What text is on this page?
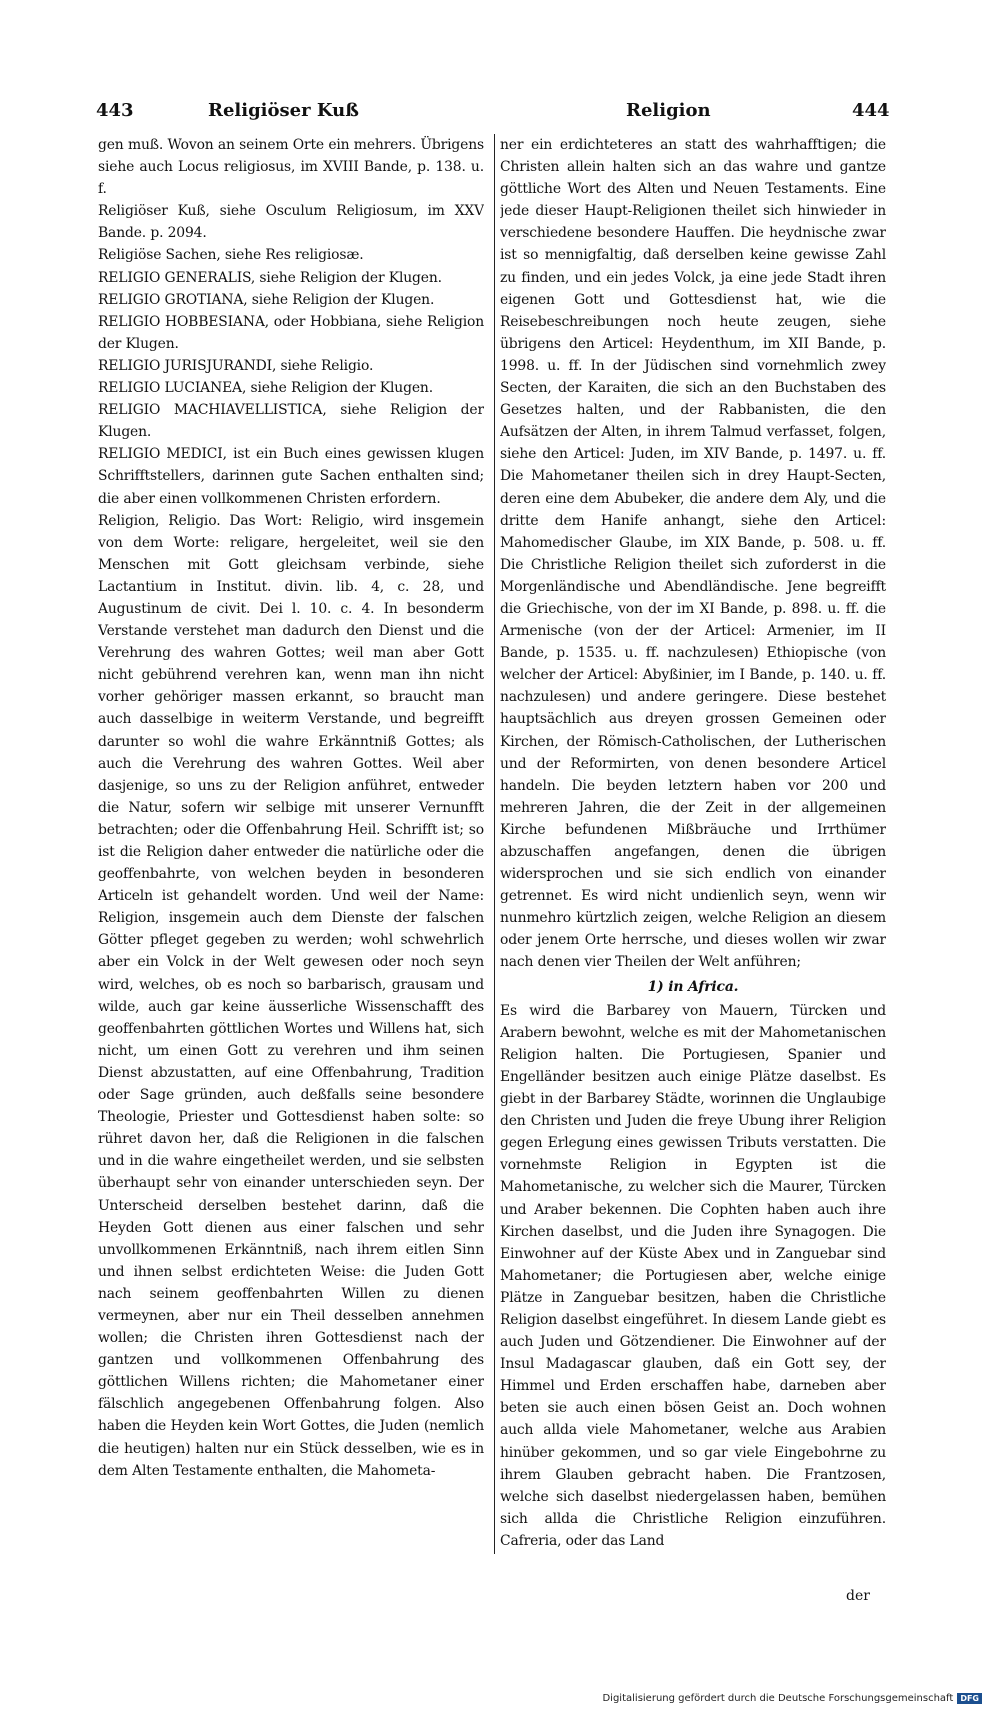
443	Religiöser Kuß	Religion	444

gen muß. Wovon an seinem Orte ein mehrers. Übrigens siehe auch Locus religiosus, im XVIII Bande, p. 138. u. f.

Religiöser Kuß, siehe Osculum Religiosum, im XXV Bande. p. 2094.

Religiöse Sachen, siehe Res religiosæ.

RELIGIO GENERALIS, siehe Religion der Klugen.

RELIGIO GROTIANA, siehe Religion der Klugen.

RELIGIO HOBBESIANA, oder Hobbiana, siehe Religion der Klugen.

RELIGIO JURISJURANDI, siehe Religio.

RELIGIO LUCIANEA, siehe Religion der Klugen.

RELIGIO MACHIAVELLISTICA, siehe Religion der Klugen.

RELIGIO MEDICI, ist ein Buch eines gewissen klugen Schrifftstellers, darinnen gute Sachen enthalten sind; die aber einen vollkommenen Christen erfordern.

Religion, Religio. Das Wort: Religio, wird insgemein von dem Worte: religare, hergeleitet, weil sie den Menschen mit Gott gleichsam verbinde, siehe Lactantium in Institut. divin. lib. 4, c. 28, und Augustinum de civit. Dei l. 10. c. 4. In besonderm Verstande verstehet man dadurch den Dienst und die Verehrung des wahren Gottes; weil man aber Gott nicht gebührend verehren kan, wenn man ihn nicht vorher gehöriger massen erkannt, so braucht man auch dasselbige in weiterm Verstande, und begreifft darunter so wohl die wahre Erkänntniß Gottes; als auch die Verehrung des wahren Gottes. Weil aber dasjenige, so uns zu der Religion anführet, entweder die Natur, sofern wir selbige mit unserer Vernunfft betrachten; oder die Offenbahrung Heil. Schrifft ist; so ist die Religion daher entweder die natürliche oder die geoffenbahrte, von welchen beyden in besonderen Articeln ist gehandelt worden. Und weil der Name: Religion, insgemein auch dem Dienste der falschen Götter pfleget gegeben zu werden; wohl schwehrlich aber ein Volck in der Welt gewesen oder noch seyn wird, welches, ob es noch so barbarisch, grausam und wilde, auch gar keine äusserliche Wissenschafft des geoffenbahrten göttlichen Wortes und Willens hat, sich nicht, um einen Gott zu verehren und ihm seinen Dienst abzustatten, auf eine Offenbahrung, Tradition oder Sage gründen, auch deßfalls seine besondere Theologie, Priester und Gottesdienst haben solte: so rühret davon her, daß die Religionen in die falschen und in die wahre eingetheilet werden, und sie selbsten überhaupt sehr von einander unterschieden seyn. Der Unterscheid derselben bestehet darinn, daß die Heyden Gott dienen aus einer falschen und sehr unvollkommenen Erkänntniß, nach ihrem eitlen Sinn und ihnen selbst erdichteten Weise: die Juden Gott nach seinem geoffenbahrten Willen zu dienen vermeynen, aber nur ein Theil desselben annehmen wollen; die Christen ihren Gottesdienst nach der gantzen und vollkommenen Offenbahrung des göttlichen Willens richten; die Mahometaner einer fälschlich angegebenen Offenbahrung folgen. Also haben die Heyden kein Wort Gottes, die Juden (nemlich die heutigen) halten nur ein Stück desselben, wie es in dem Alten Testamente enthalten, die Mahometa-

ner ein erdichteteres an statt des wahrhafftigen; die Christen allein halten sich an das wahre und gantze göttliche Wort des Alten und Neuen Testaments. Eine jede dieser Haupt-Religionen theilet sich hinwieder in verschiedene besondere Hauffen. Die heydnische zwar ist so mennigfaltig, daß derselben keine gewisse Zahl zu finden, und ein jedes Volck, ja eine jede Stadt ihren eigenen Gott und Gottesdienst hat, wie die Reisebeschreibungen noch heute zeugen, siehe übrigens den Articel: Heydenthum, im XII Bande, p. 1998. u. ff. In der Jüdischen sind vornehmlich zwey Secten, der Karaiten, die sich an den Buchstaben des Gesetzes halten, und der Rabbanisten, die den Aufsätzen der Alten, in ihrem Talmud verfasset, folgen, siehe den Articel: Juden, im XIV Bande, p. 1497. u. ff. Die Mahometaner theilen sich in drey Haupt-Secten, deren eine dem Abubeker, die andere dem Aly, und die dritte dem Hanife anhangt, siehe den Articel: Mahomedischer Glaube, im XIX Bande, p. 508. u. ff. Die Christliche Religion theilet sich zuforderst in die Morgenländische und Abendländische. Jene begreifft die Griechische, von der im XI Bande, p. 898. u. ff. die Armenische (von der der Articel: Armenier, im II Bande, p. 1535. u. ff. nachzulesen) Ethiopische (von welcher der Articel: Abyßinier, im I Bande, p. 140. u. ff. nachzulesen) und andere geringere. Diese bestehet hauptsächlich aus dreyen grossen Gemeinen oder Kirchen, der Römisch-Catholischen, der Lutherischen und der Reformirten, von denen besondere Articel handeln. Die beyden letztern haben vor 200 und mehreren Jahren, die der Zeit in der allgemeinen Kirche befundenen Mißbräuche und Irrthümer abzuschaffen angefangen, denen die übrigen widersprochen und sie sich endlich von einander getrennet. Es wird nicht undienlich seyn, wenn wir nunmehro kürtzlich zeigen, welche Religion an diesem oder jenem Orte herrsche, und dieses wollen wir zwar nach denen vier Theilen der Welt anführen;

1) in Africa.

Es wird die Barbarey von Mauern, Türcken und Arabern bewohnt, welche es mit der Mahometanischen Religion halten. Die Portugiesen, Spanier und Engelländer besitzen auch einige Plätze daselbst. Es giebt in der Barbarey Städte, worinnen die Unglaubige den Christen und Juden die freye Ubung ihrer Religion gegen Erlegung eines gewissen Tributs verstatten. Die vornehmste Religion in Egypten ist die Mahometanische, zu welcher sich die Maurer, Türcken und Araber bekennen. Die Cophten haben auch ihre Kirchen daselbst, und die Juden ihre Synagogen. Die Einwohner auf der Küste Abex und in Zanguebar sind Mahometaner; die Portugiesen aber, welche einige Plätze in Zanguebar besitzen, haben die Christliche Religion daselbst eingeführet. In diesem Lande giebt es auch Juden und Götzendiener. Die Einwohner auf der Insul Madagascar glauben, daß ein Gott sey, der Himmel und Erden erschaffen habe, darneben aber beten sie auch einen bösen Geist an. Doch wohnen auch allda viele Mahometaner, welche aus Arabien hinüber gekommen, und so gar viele Eingebohrne zu ihrem Glauben gebracht haben. Die Frantzosen, welche sich daselbst niedergelassen haben, bemühen sich allda die Christliche Religion einzuführen. Cafreria, oder das Land

der
Digitalisierung gefördert durch die Deutsche Forschungsgemeinschaft DFG
